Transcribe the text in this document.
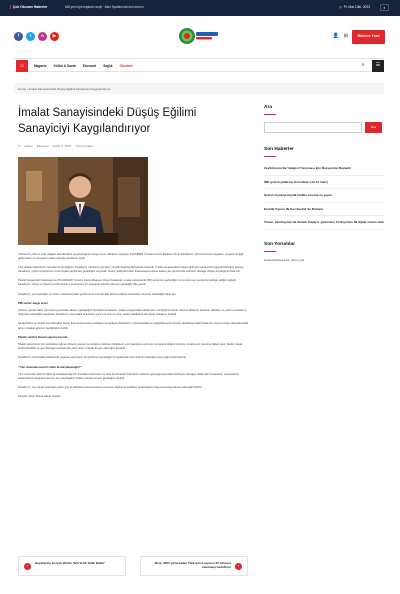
Çok Okunan Haberler	Mill yeni üye başkanı seçti · Altın fiyatlarında son durum	◷ Pt. Mar 13th, 2023	◐
f	t	o	▶	👤 ⊞	Bültene Yazıl
⌂	Magazin Kültür & Sanat Ekonomi Sağlık Gündem	⌕	☰
Home › İmalat Sanayisindeki Düşüş Eğilimi Sanayiciyi Kaygılandırıyor
İmalat Sanayisindeki Düşüş Eğilimi Sanayiciyi Kaygılandırıyor
✎ admin Ekonomi Şubat 6, 2023 Yorum bırakın

Yüksek bir yıllık ve aylık değerin altında kalan üç göstergenin hangi sonun olduğunu söyleyen PLASİDER Yönetim Kurulu Başkanı Ömer Karadeniz, söz konusunun hayatları, projeleri ile ilgili gelişmelere ve sonuçların bakış açısıyla yanıtlarını verdi.

Türk plastik sektörünün sorunlarına da değinen Karadeniz, sanayinin geneline yönelik değerlendirmelerde bulundu. İmalat sanayisindeki düşüş eğiliminin sanayicileri kaygılandırdığını belirten Karadeniz, çözüm önerilerinin hızla hayata geçirilmesi gerektiğini vurguladı. Enerji maliyetlerinden finansmana erişime kadar pek çok konuda sektörün desteğe ihtiyaç duyduğunu ifade etti.

Plastik Sanayicileri Federasyonu (PLASİDER) Yönetim Kurulu Başkanı Ömer Karadeniz, imalat sanayisinde PMI verilerinin gerilediğini ve bu durumun sanayiciyi tedirgin ettiğini söyledi. Karadeniz, üretim ve ihracat performansının korunması için kapsamlı adımlar atılması gerektiğini dile getirdi.

Karadeniz, yeni siparişler ve üretim endekslerindeki gerilemenin önümüzdeki döneme ilişkin beklentileri olumsuz etkilediğini ifade etti.

PMI verileri kaygı verici

Verilerin geride kalan yılın ikinci yarısından itibaren gerilediğini hatırlatan Karadeniz, imalat sanayisindeki daralmanın sürdüğünü belirtti. Mevcut tablonun sektörün istihdam ve yatırım kararlarını doğrudan etkilediğini kaydeden Karadeniz, kısa vadeli önlemlerin yanı sıra orta ve uzun vadeli politikalara da ihtiyaç olduğunu söyledi.

Sanayicilerin en büyük sorunlarından birinin finansmana erişim olduğunu vurgulayan Karadeniz, kredi koşullarının iyileştirilmesinin üretimi destekleyeceğini ifade etti. Ayrıca enerji maliyetlerindeki artışın rekabet gücünü zayıflattığını belirtti.

Plastik sektörü ihracat yapısını korudu

Plastik sektörünün tüm zorluklara rağmen ihracat yapısını koruduğunu belirten Karadeniz, yeni pazarlara açılmanın ve katma değerli ürünlere yönelmenin önemine dikkat çekti. Sektör olarak sürdürülebilirlik ve geri dönüşüm alanlarında yatırımların artarak devam edeceğini kaydetti.

Karadeniz, hammadde tedarikinde yaşanan sıkıntıların da çözülmesi gerektiğini vurgulayarak yerli üretimin desteklenmesi çağrısında bulundu.

"Yılın ortasında nasıl bir tablo ile karşılaşacağız?"

Yılın ortasında nasıl bir tablo ile karşılaşacağımızı şimdiden kestirmek zor olsa da alınacak önlemlerin sektörün geleceği açısından belirleyici olacağını ifade eden Karadeniz, sanayicilerin beklentilerinin karşılanması için tüm paydaşların birlikte hareket etmesi gerektiğini söyledi.

Karadeniz, son olarak üretimden gelen güç ile istihdamın korunmasının önemine değinerek sektörün potansiyelini ortaya koymaya devam edeceğini belirtti.

Kaynak: DHA / Bursa Haber Gazete

‹
Hayallerine Gerçek Olmaz 'Sıfır'la İlk Tatlılı Bakar'	Mısır, 9000 yılına kadar Türk turist sayısını 20 milyona çıkarmayı hedefliyor	›
Ara
Ara
Son Haberler
Zeytinburnu'da Yatağıcıl Yarışması İçin Başvurular Başladı!
İBB göle foyatlarına lira haftası (13.14 mart)
Şehrin foyatına büyük tehlike turuma ne yapar
Emirlik Oyunu İlk Kez Sezinir ile Buluştu
Tunan, Azerbaycan'da Sanat'ı Kadiyor güdamesı Türkiye'den İlk dijital sürüm oldu
Son Yorumlar
Gösterilebilecek bir yorum yok.
